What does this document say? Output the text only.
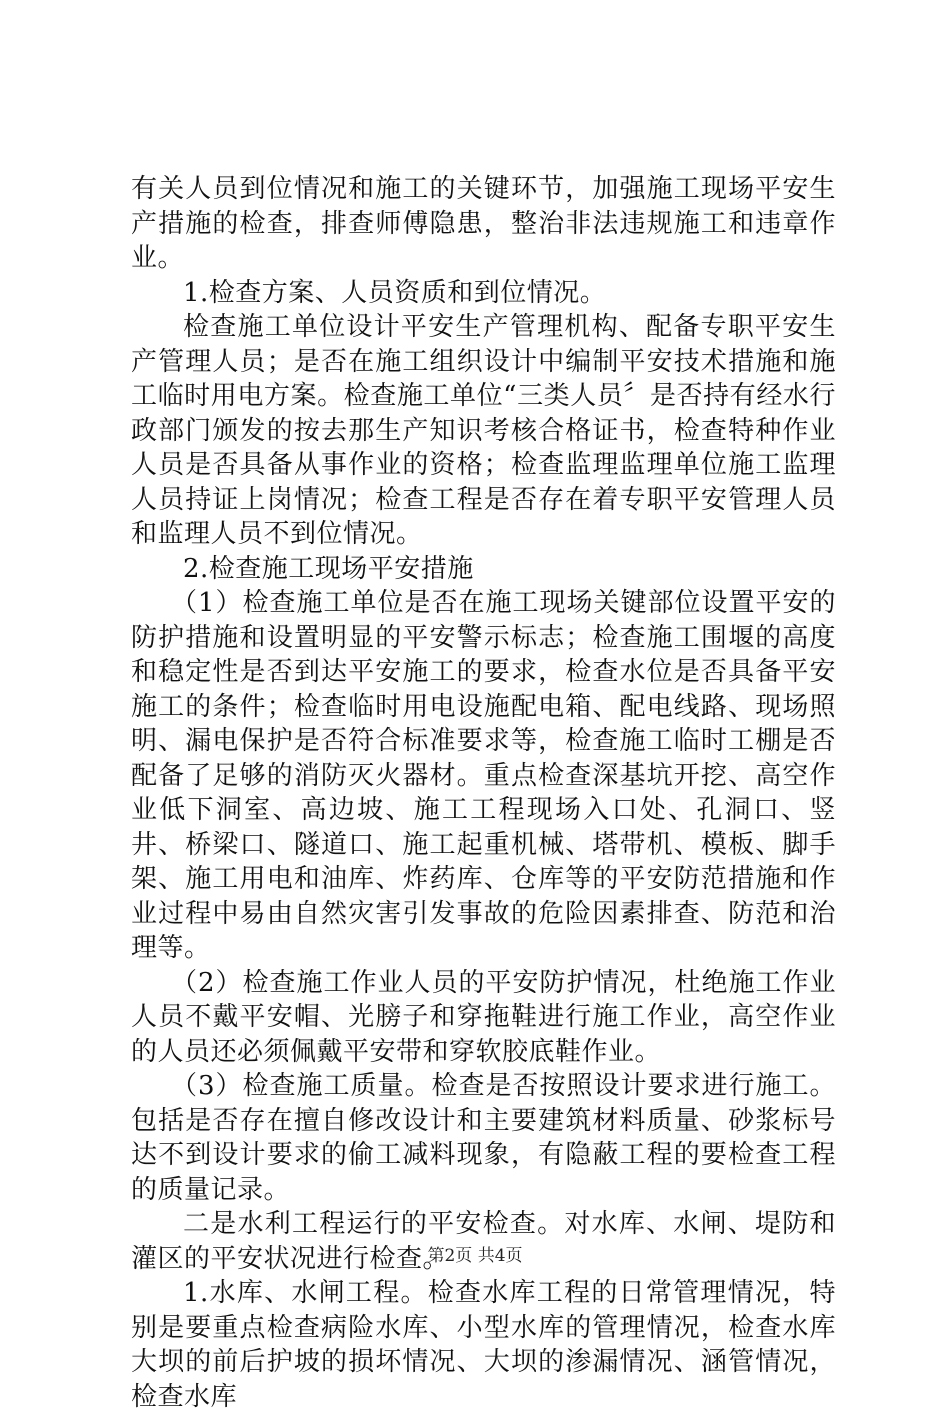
有关人员到位情况和施工的关键环节，加强施工现场平安生产措施的检查，排查师傅隐患，整治非法违规施工和违章作业。

1.检查方案、人员资质和到位情况。

检查施工单位设计平安生产管理机构、配备专职平安生产管理人员；是否在施工组织设计中编制平安技术措施和施工临时用电方案。检查施工单位“三类人员〞是否持有经水行政部门颁发的按去那生产知识考核合格证书，检查特种作业人员是否具备从事作业的资格；检查监理监理单位施工监理人员持证上岗情况；检查工程是否存在着专职平安管理人员和监理人员不到位情况。

2.检查施工现场平安措施

（1）检查施工单位是否在施工现场关键部位设置平安的防护措施和设置明显的平安警示标志；检查施工围堰的高度和稳定性是否到达平安施工的要求，检查水位是否具备平安施工的条件；检查临时用电设施配电箱、配电线路、现场照明、漏电保护是否符合标准要求等，检查施工临时工棚是否配备了足够的消防灭火器材。重点检查深基坑开挖、高空作业低下洞室、高边坡、施工工程现场入口处、孔洞口、竖井、桥梁口、隧道口、施工起重机械、塔带机、模板、脚手架、施工用电和油库、炸药库、仓库等的平安防范措施和作业过程中易由自然灾害引发事故的危险因素排查、防范和治理等。

（2）检查施工作业人员的平安防护情况，杜绝施工作业人员不戴平安帽、光膀子和穿拖鞋进行施工作业，高空作业的人员还必须佩戴平安带和穿软胶底鞋作业。

（3）检查施工质量。检查是否按照设计要求进行施工。包括是否存在擅自修改设计和主要建筑材料质量、砂浆标号达不到设计要求的偷工减料现象，有隐蔽工程的要检查工程的质量记录。

二是水利工程运行的平安检查。对水库、水闸、堤防和灌区的平安状况进行检查。

1.水库、水闸工程。检查水库工程的日常管理情况，特别是要重点检查病险水库、小型水库的管理情况，检查水库大坝的前后护坡的损坏情况、大坝的渗漏情况、涵管情况，检查水库

第2页 共4页
